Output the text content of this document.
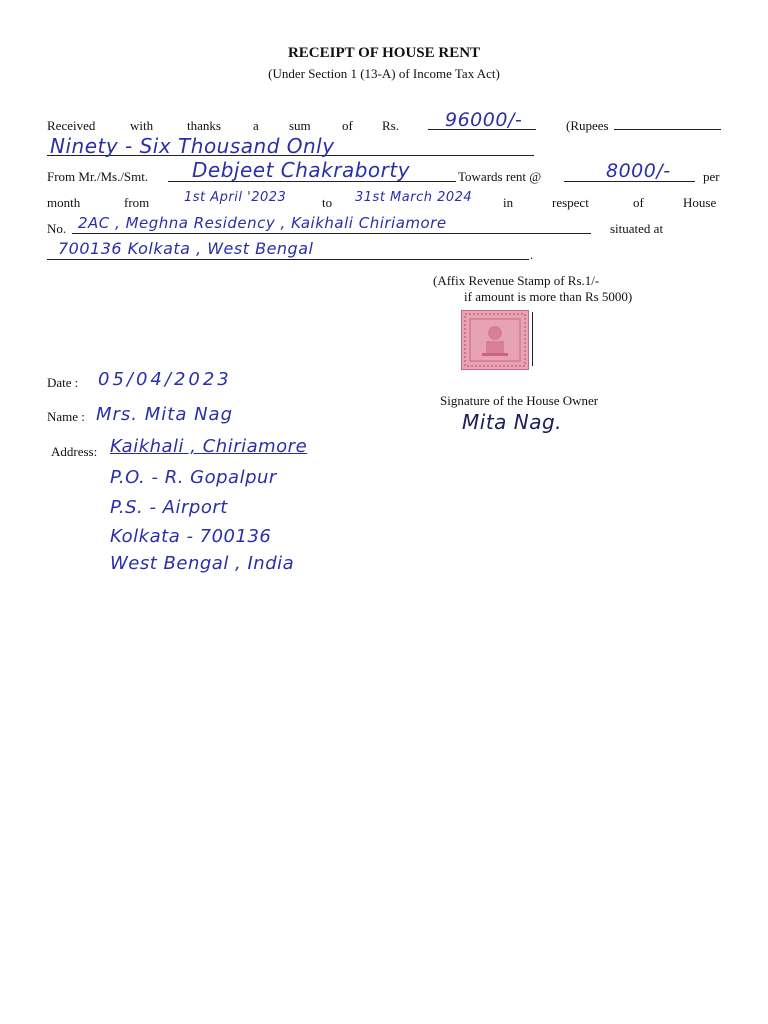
RECEIPT OF HOUSE RENT
(Under Section 1 (13-A) of Income Tax Act)
Received	with	thanks a sum of Rs. 96000/-	(Rupees
Ninety - Six Thousand Only
From Mr./Ms./Smt. Debjeet Chakraborty	Towards rent @	8000/- per
month	from	1st April '2023	to 31st March 2024 in	respect	of	House
No. 2AC , Meghna Residency , Kaikhali Chiriamore	situated at
.
700136 Kolkata , West Bengal
(Affix Revenue Stamp of Rs.1/-
if amount is more than Rs 5000)
Signature of the House Owner
Mita Nag.
Date : 05/04/2023
Name : Mrs. Mita Nag
Address: Kaikhali , Chiriamore
P.O. - R. Gopalpur
P.S. - Airport
Kolkata - 700136
West Bengal , India
